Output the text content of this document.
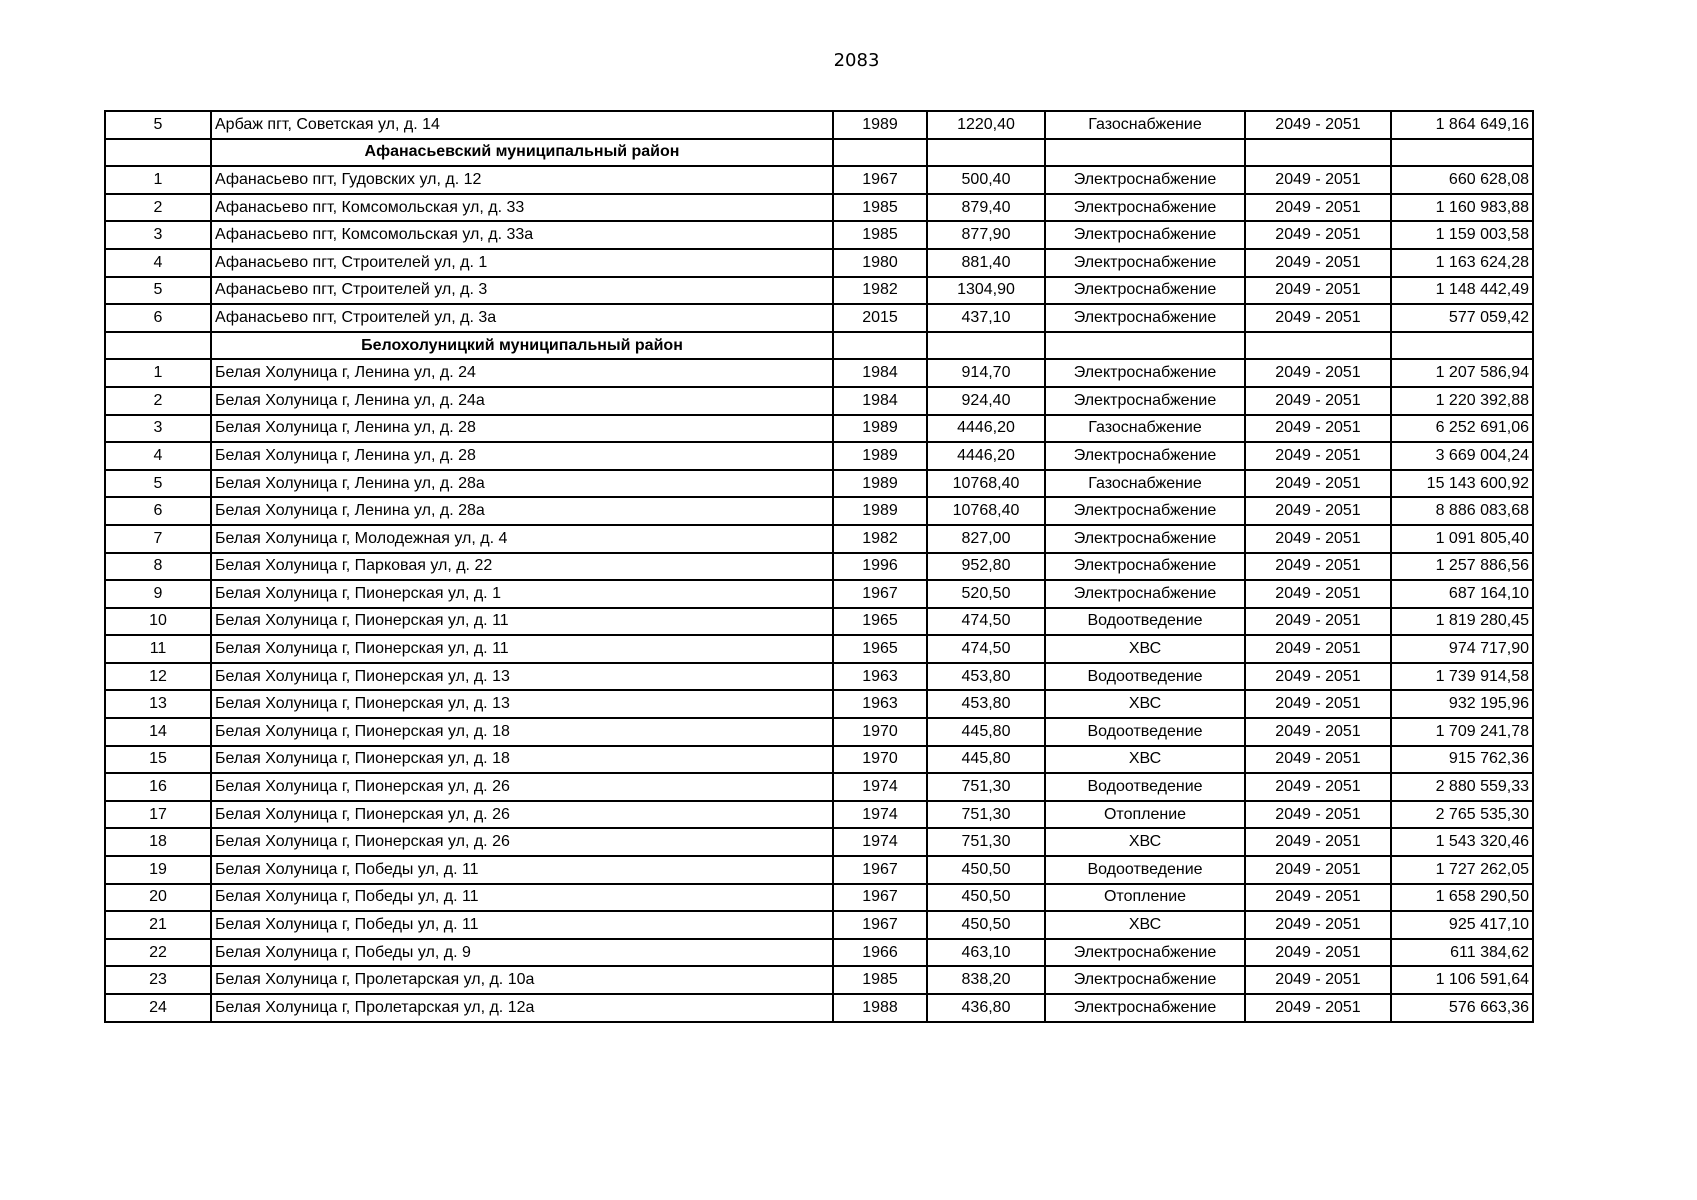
2083
5	Арбаж пгт, Советская ул, д. 14	1989	1220,40	Газоснабжение	2049 - 2051	1 864 649,16
	Афанасьевский муниципальный район					
1	Афанасьево пгт, Гудовских ул, д. 12	1967	500,40	Электроснабжение	2049 - 2051	660 628,08
2	Афанасьево пгт, Комсомольская ул, д. 33	1985	879,40	Электроснабжение	2049 - 2051	1 160 983,88
3	Афанасьево пгт, Комсомольская ул, д. 33а	1985	877,90	Электроснабжение	2049 - 2051	1 159 003,58
4	Афанасьево пгт, Строителей ул, д. 1	1980	881,40	Электроснабжение	2049 - 2051	1 163 624,28
5	Афанасьево пгт, Строителей ул, д. 3	1982	1304,90	Электроснабжение	2049 - 2051	1 148 442,49
6	Афанасьево пгт, Строителей ул, д. 3а	2015	437,10	Электроснабжение	2049 - 2051	577 059,42
	Белохолуницкий муниципальный район					
1	Белая Холуница г, Ленина ул, д. 24	1984	914,70	Электроснабжение	2049 - 2051	1 207 586,94
2	Белая Холуница г, Ленина ул, д. 24а	1984	924,40	Электроснабжение	2049 - 2051	1 220 392,88
3	Белая Холуница г, Ленина ул, д. 28	1989	4446,20	Газоснабжение	2049 - 2051	6 252 691,06
4	Белая Холуница г, Ленина ул, д. 28	1989	4446,20	Электроснабжение	2049 - 2051	3 669 004,24
5	Белая Холуница г, Ленина ул, д. 28а	1989	10768,40	Газоснабжение	2049 - 2051	15 143 600,92
6	Белая Холуница г, Ленина ул, д. 28а	1989	10768,40	Электроснабжение	2049 - 2051	8 886 083,68
7	Белая Холуница г, Молодежная ул, д. 4	1982	827,00	Электроснабжение	2049 - 2051	1 091 805,40
8	Белая Холуница г, Парковая ул, д. 22	1996	952,80	Электроснабжение	2049 - 2051	1 257 886,56
9	Белая Холуница г, Пионерская ул, д. 1	1967	520,50	Электроснабжение	2049 - 2051	687 164,10
10	Белая Холуница г, Пионерская ул, д. 11	1965	474,50	Водоотведение	2049 - 2051	1 819 280,45
11	Белая Холуница г, Пионерская ул, д. 11	1965	474,50	ХВС	2049 - 2051	974 717,90
12	Белая Холуница г, Пионерская ул, д. 13	1963	453,80	Водоотведение	2049 - 2051	1 739 914,58
13	Белая Холуница г, Пионерская ул, д. 13	1963	453,80	ХВС	2049 - 2051	932 195,96
14	Белая Холуница г, Пионерская ул, д. 18	1970	445,80	Водоотведение	2049 - 2051	1 709 241,78
15	Белая Холуница г, Пионерская ул, д. 18	1970	445,80	ХВС	2049 - 2051	915 762,36
16	Белая Холуница г, Пионерская ул, д. 26	1974	751,30	Водоотведение	2049 - 2051	2 880 559,33
17	Белая Холуница г, Пионерская ул, д. 26	1974	751,30	Отопление	2049 - 2051	2 765 535,30
18	Белая Холуница г, Пионерская ул, д. 26	1974	751,30	ХВС	2049 - 2051	1 543 320,46
19	Белая Холуница г, Победы ул, д. 11	1967	450,50	Водоотведение	2049 - 2051	1 727 262,05
20	Белая Холуница г, Победы ул, д. 11	1967	450,50	Отопление	2049 - 2051	1 658 290,50
21	Белая Холуница г, Победы ул, д. 11	1967	450,50	ХВС	2049 - 2051	925 417,10
22	Белая Холуница г, Победы ул, д. 9	1966	463,10	Электроснабжение	2049 - 2051	611 384,62
23	Белая Холуница г, Пролетарская ул, д. 10а	1985	838,20	Электроснабжение	2049 - 2051	1 106 591,64
24	Белая Холуница г, Пролетарская ул, д. 12а	1988	436,80	Электроснабжение	2049 - 2051	576 663,36
